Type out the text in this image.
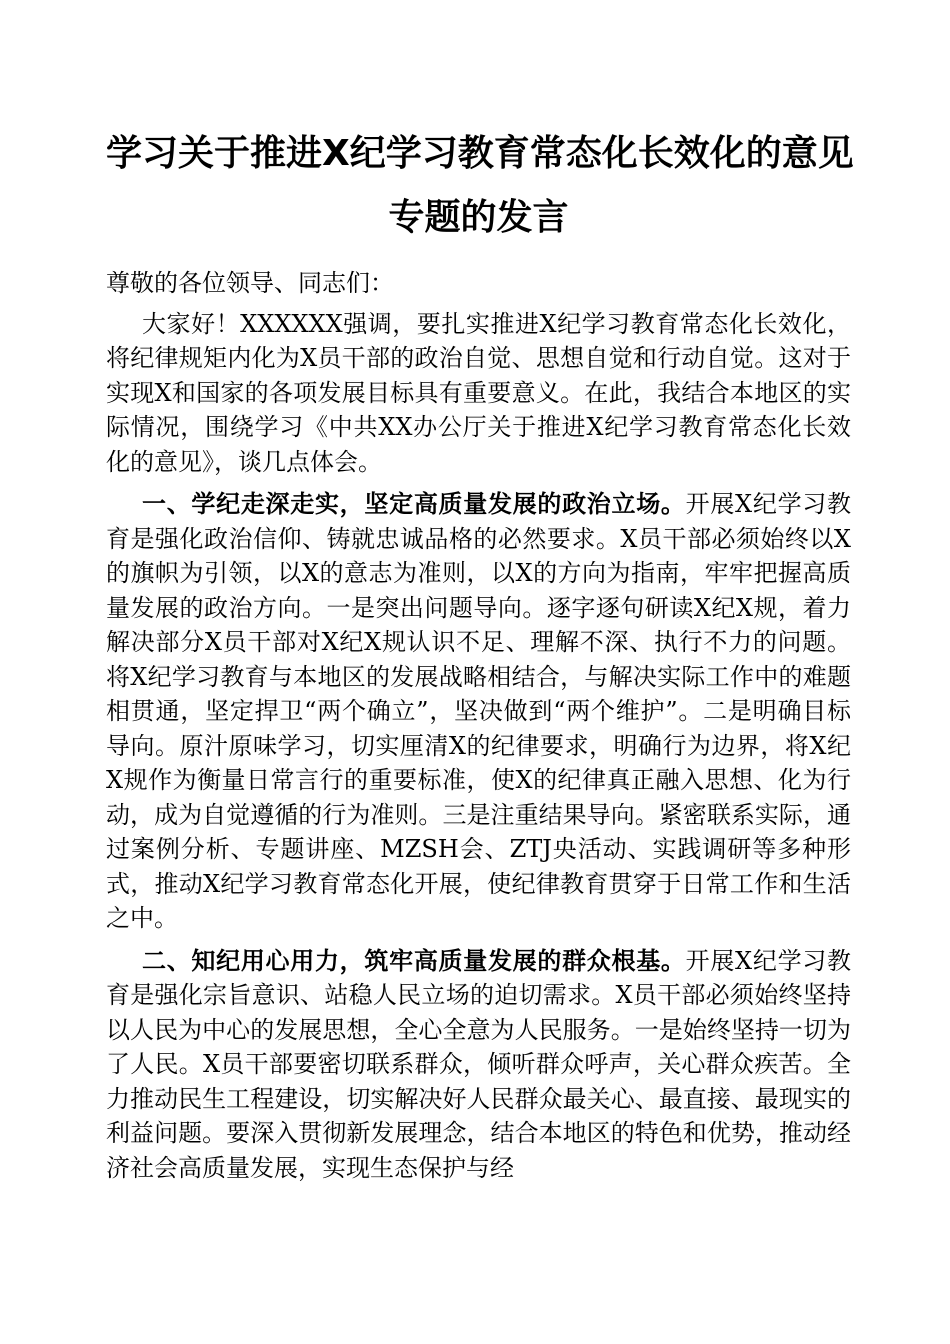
学习关于推进X纪学习教育常态化长效化的意见
专题的发言

尊敬的各位领导、同志们：

大家好！XXXXXX强调，要扎实推进X纪学习教育常态化长效化，将纪律规矩内化为X员干部的政治自觉、思想自觉和行动自觉。这对于实现X和国家的各项发展目标具有重要意义。在此，我结合本地区的实际情况，围绕学习《中共XX办公厅关于推进X纪学习教育常态化长效化的意见》，谈几点体会。

一、学纪走深走实，坚定高质量发展的政治立场。开展X纪学习教育是强化政治信仰、铸就忠诚品格的必然要求。X员干部必须始终以X的旗帜为引领，以X的意志为准则，以X的方向为指南，牢牢把握高质量发展的政治方向。一是突出问题导向。逐字逐句研读X纪X规，着力解决部分X员干部对X纪X规认识不足、理解不深、执行不力的问题。将X纪学习教育与本地区的发展战略相结合，与解决实际工作中的难题相贯通，坚定捍卫“两个确立”，坚决做到“两个维护”。二是明确目标导向。原汁原味学习，切实厘清X的纪律要求，明确行为边界，将X纪X规作为衡量日常言行的重要标准，使X的纪律真正融入思想、化为行动，成为自觉遵循的行为准则。三是注重结果导向。紧密联系实际，通过案例分析、专题讲座、MZSH会、ZTJ央活动、实践调研等多种形式，推动X纪学习教育常态化开展，使纪律教育贯穿于日常工作和生活之中。

二、知纪用心用力，筑牢高质量发展的群众根基。开展X纪学习教育是强化宗旨意识、站稳人民立场的迫切需求。X员干部必须始终坚持以人民为中心的发展思想，全心全意为人民服务。一是始终坚持一切为了人民。X员干部要密切联系群众，倾听群众呼声，关心群众疾苦。全力推动民生工程建设，切实解决好人民群众最关心、最直接、最现实的利益问题。要深入贯彻新发展理念，结合本地区的特色和优势，推动经济社会高质量发展，实现生态保护与经
